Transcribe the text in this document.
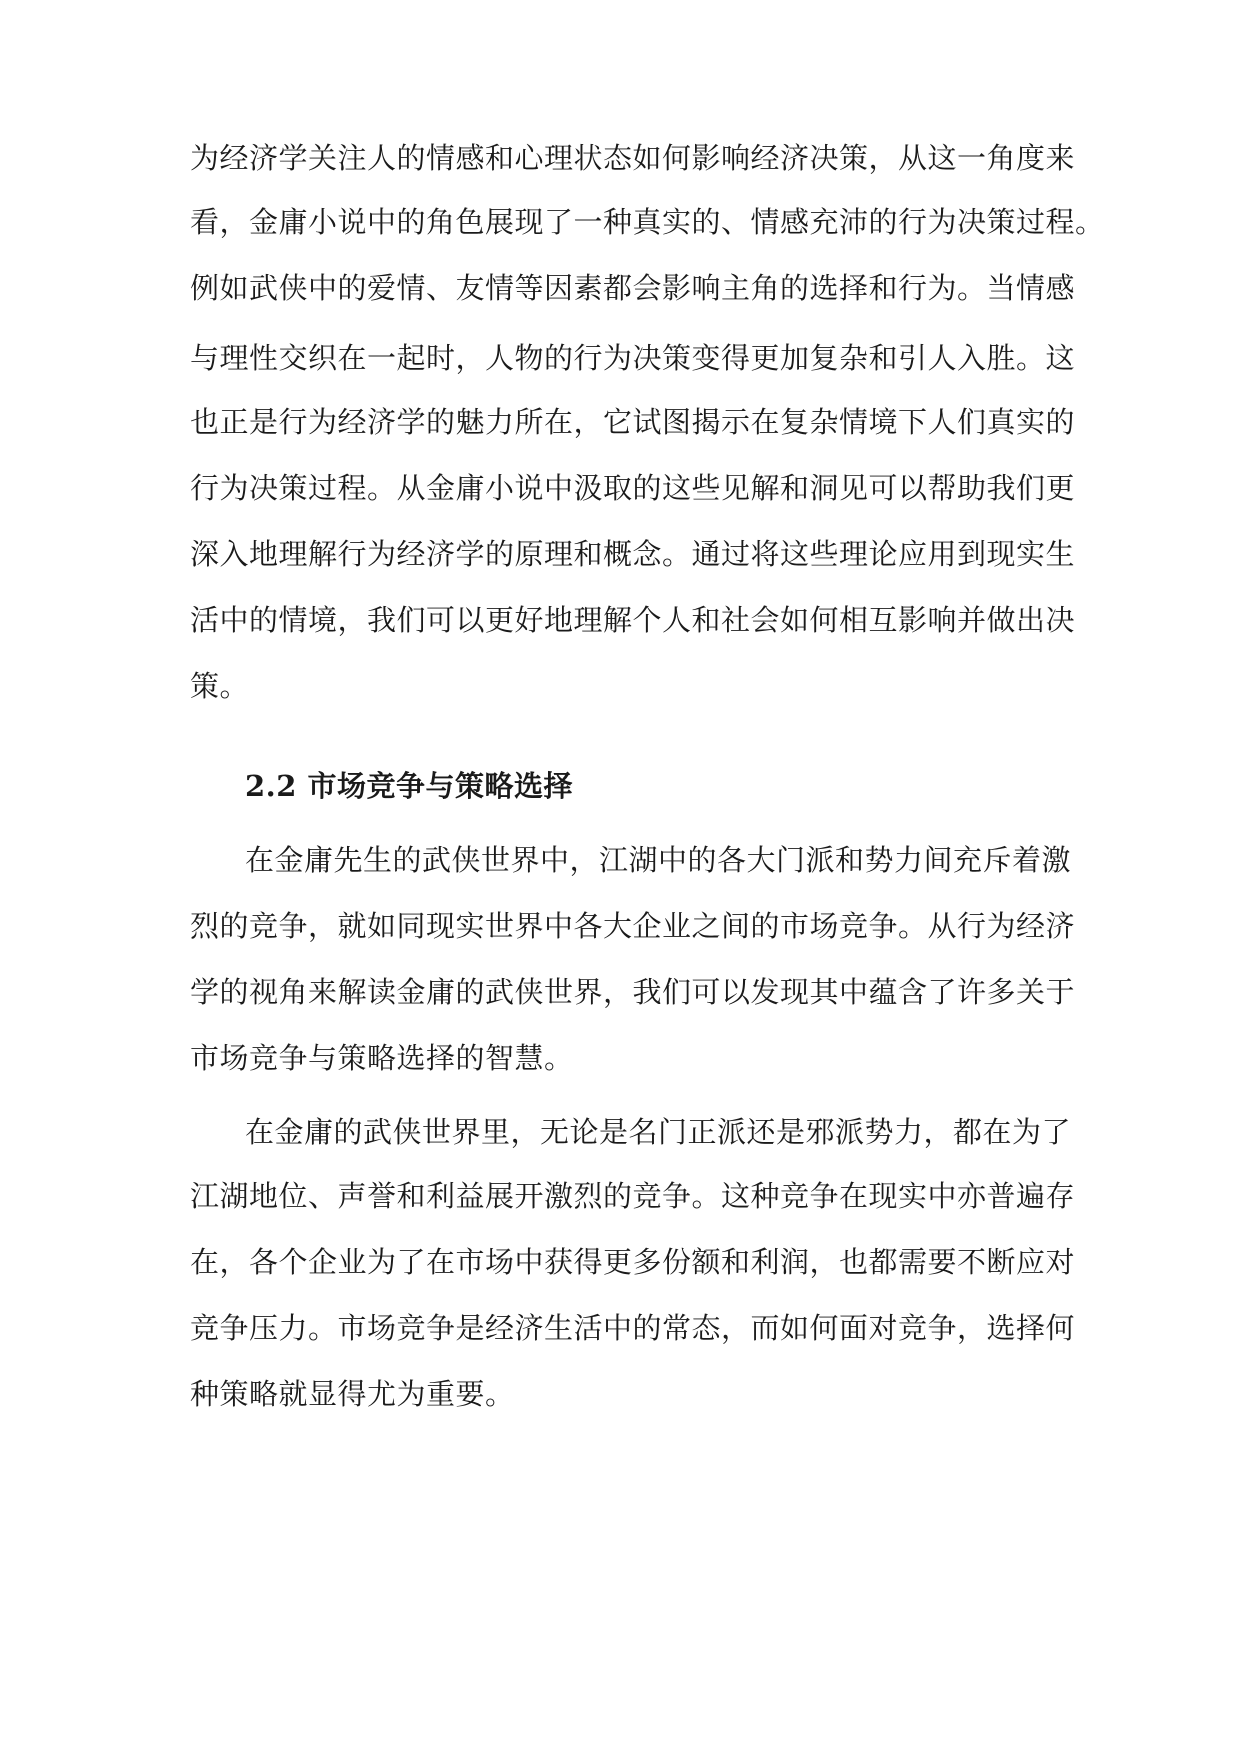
为经济学关注人的情感和心理状态如何影响经济决策，从这一角度来
看，金庸小说中的角色展现了一种真实的、情感充沛的行为决策过程。
例如武侠中的爱情、友情等因素都会影响主角的选择和行为。当情感
与理性交织在一起时，人物的行为决策变得更加复杂和引人入胜。这
也正是行为经济学的魅力所在，它试图揭示在复杂情境下人们真实的
行为决策过程。从金庸小说中汲取的这些见解和洞见可以帮助我们更
深入地理解行为经济学的原理和概念。通过将这些理论应用到现实生
活中的情境，我们可以更好地理解个人和社会如何相互影响并做出决
策。
2.2 市场竞争与策略选择
在金庸先生的武侠世界中，江湖中的各大门派和势力间充斥着激
烈的竞争，就如同现实世界中各大企业之间的市场竞争。从行为经济
学的视角来解读金庸的武侠世界，我们可以发现其中蕴含了许多关于
市场竞争与策略选择的智慧。
在金庸的武侠世界里，无论是名门正派还是邪派势力，都在为了
江湖地位、声誉和利益展开激烈的竞争。这种竞争在现实中亦普遍存
在，各个企业为了在市场中获得更多份额和利润，也都需要不断应对
竞争压力。市场竞争是经济生活中的常态，而如何面对竞争，选择何
种策略就显得尤为重要。
